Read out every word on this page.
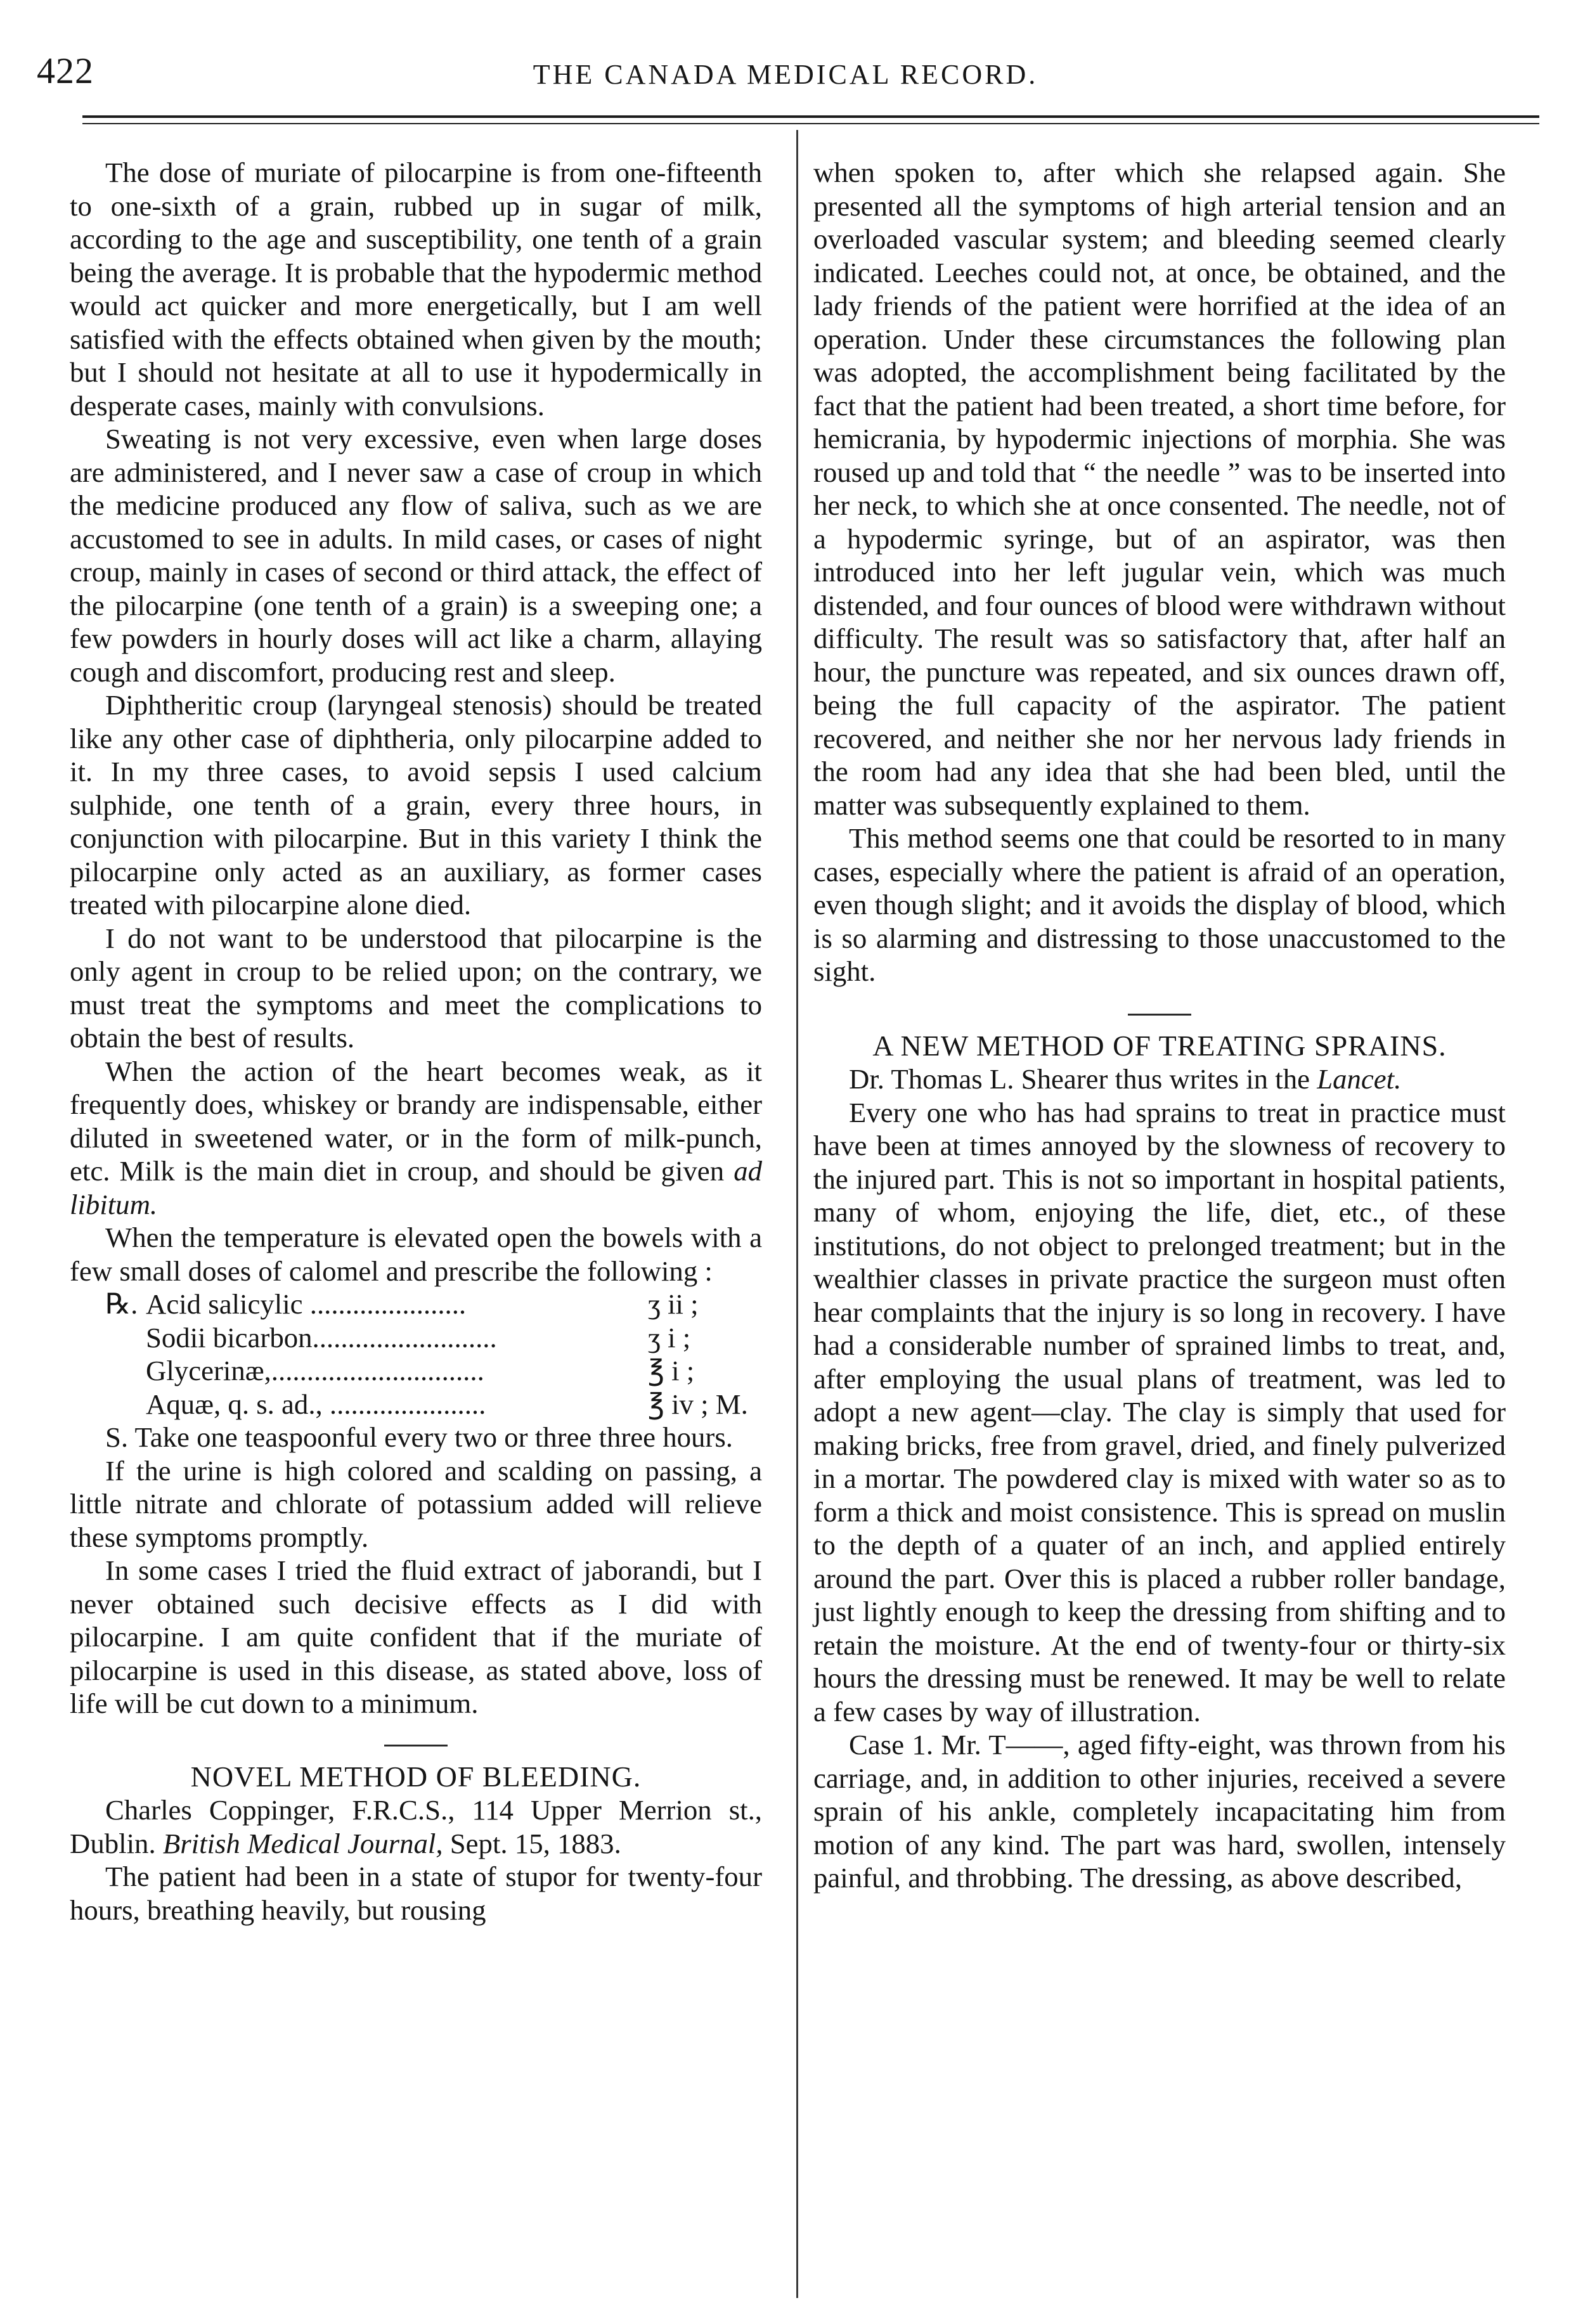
422	THE CANADA MEDICAL RECORD.

The dose of muriate of pilocarpine is from one-fifteenth to one-sixth of a grain, rubbed up in sugar of milk, according to the age and susceptibility, one tenth of a grain being the average. It is probable that the hypodermic method would act quicker and more energetically, but I am well satisfied with the effects obtained when given by the mouth; but I should not hesitate at all to use it hypodermically in desperate cases, mainly with convulsions.

Sweating is not very excessive, even when large doses are administered, and I never saw a case of croup in which the medicine produced any flow of saliva, such as we are accustomed to see in adults. In mild cases, or cases of night croup, mainly in cases of second or third attack, the effect of the pilocarpine (one tenth of a grain) is a sweeping one; a few powders in hourly doses will act like a charm, allaying cough and discomfort, producing rest and sleep.

Diphtheritic croup (laryngeal stenosis) should be treated like any other case of diphtheria, only pilocarpine added to it. In my three cases, to avoid sepsis I used calcium sulphide, one tenth of a grain, every three hours, in conjunction with pilocarpine. But in this variety I think the pilocarpine only acted as an auxiliary, as former cases treated with pilocarpine alone died.

I do not want to be understood that pilocarpine is the only agent in croup to be relied upon; on the contrary, we must treat the symptoms and meet the complications to obtain the best of results.

When the action of the heart becomes weak, as it frequently does, whiskey or brandy are indispensable, either diluted in sweetened water, or in the form of milk-punch, etc. Milk is the main diet in croup, and should be given ad libitum.

When the temperature is elevated open the bowels with a few small doses of calomel and prescribe the following :

℞. Acid salicylic ......................	ʒ ii ;
Sodii bicarbon..........................	ʒ i ;
Glycerinæ,..............................	℥ i ;
Aquæ, q. s. ad., ......................	℥ iv ; M.

S. Take one teaspoonful every two or three three hours.

If the urine is high colored and scalding on passing, a little nitrate and chlorate of potassium added will relieve these symptoms promptly.

In some cases I tried the fluid extract of jaborandi, but I never obtained such decisive effects as I did with pilocarpine. I am quite confident that if the muriate of pilocarpine is used in this disease, as stated above, loss of life will be cut down to a minimum.

NOVEL METHOD OF BLEEDING.

Charles Coppinger, F.R.C.S., 114 Upper Merrion st., Dublin. British Medical Journal, Sept. 15, 1883.

The patient had been in a state of stupor for twenty-four hours, breathing heavily, but rousing

when spoken to, after which she relapsed again. She presented all the symptoms of high arterial tension and an overloaded vascular system; and bleeding seemed clearly indicated. Leeches could not, at once, be obtained, and the lady friends of the patient were horrified at the idea of an operation. Under these circumstances the following plan was adopted, the accomplishment being facilitated by the fact that the patient had been treated, a short time before, for hemicrania, by hypodermic injections of morphia. She was roused up and told that “ the needle ” was to be inserted into her neck, to which she at once consented. The needle, not of a hypodermic syringe, but of an aspirator, was then introduced into her left jugular vein, which was much distended, and four ounces of blood were withdrawn without difficulty. The result was so satisfactory that, after half an hour, the puncture was repeated, and six ounces drawn off, being the full capacity of the aspirator. The patient recovered, and neither she nor her nervous lady friends in the room had any idea that she had been bled, until the matter was subsequently explained to them.

This method seems one that could be resorted to in many cases, especially where the patient is afraid of an operation, even though slight; and it avoids the display of blood, which is so alarming and distressing to those unaccustomed to the sight.

A NEW METHOD OF TREATING SPRAINS.

Dr. Thomas L. Shearer thus writes in the Lancet.

Every one who has had sprains to treat in practice must have been at times annoyed by the slowness of recovery to the injured part. This is not so important in hospital patients, many of whom, enjoying the life, diet, etc., of these institutions, do not object to prelonged treatment; but in the wealthier classes in private practice the surgeon must often hear complaints that the injury is so long in recovery. I have had a considerable number of sprained limbs to treat, and, after employing the usual plans of treatment, was led to adopt a new agent—clay. The clay is simply that used for making bricks, free from gravel, dried, and finely pulverized in a mortar. The powdered clay is mixed with water so as to form a thick and moist consistence. This is spread on muslin to the depth of a quater of an inch, and applied entirely around the part. Over this is placed a rubber roller bandage, just lightly enough to keep the dressing from shifting and to retain the moisture. At the end of twenty-four or thirty-six hours the dressing must be renewed. It may be well to relate a few cases by way of illustration.

Case 1. Mr. T——, aged fifty-eight, was thrown from his carriage, and, in addition to other injuries, received a severe sprain of his ankle, completely incapacitating him from motion of any kind. The part was hard, swollen, intensely painful, and throbbing. The dressing, as above described,
